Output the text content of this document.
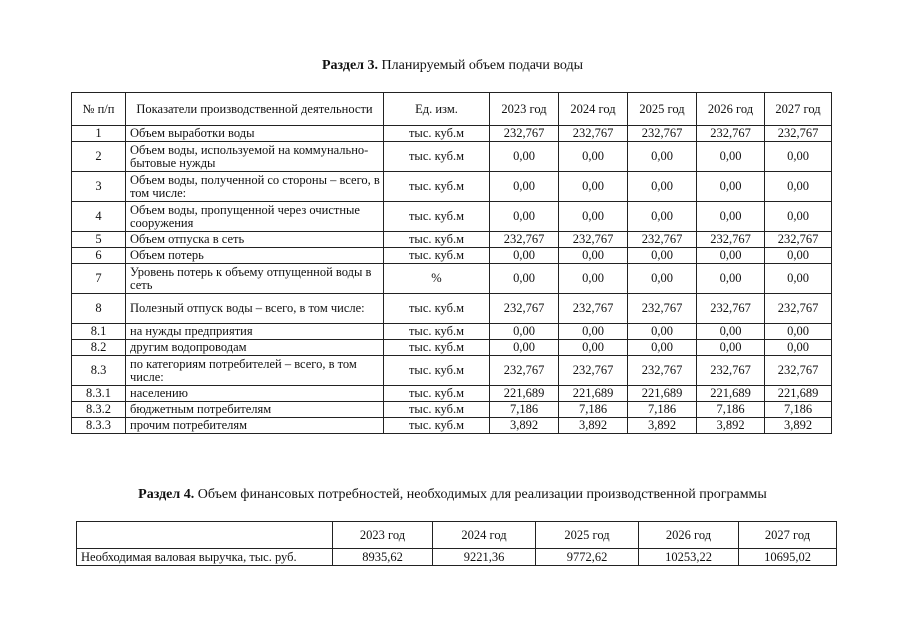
Раздел 3. Планируемый объем подачи воды
№ п/п	Показатели производственной деятельности	Ед. изм.	2023 год	2024 год	2025 год	2026 год	2027 год
1	Объем выработки воды	тыс. куб.м	232,767	232,767	232,767	232,767	232,767
2	Объем воды, используемой на коммунально-бытовые нужды	тыс. куб.м	0,00	0,00	0,00	0,00	0,00
3	Объем воды, полученной со стороны – всего, в том числе:	тыс. куб.м	0,00	0,00	0,00	0,00	0,00
4	Объем воды, пропущенной через очистные сооружения	тыс. куб.м	0,00	0,00	0,00	0,00	0,00
5	Объем отпуска в сеть	тыс. куб.м	232,767	232,767	232,767	232,767	232,767
6	Объем потерь	тыс. куб.м	0,00	0,00	0,00	0,00	0,00
7	Уровень потерь к объему отпущенной воды в сеть	%	0,00	0,00	0,00	0,00	0,00
8	Полезный отпуск воды – всего, в том числе:	тыс. куб.м	232,767	232,767	232,767	232,767	232,767
8.1	на нужды предприятия	тыс. куб.м	0,00	0,00	0,00	0,00	0,00
8.2	другим водопроводам	тыс. куб.м	0,00	0,00	0,00	0,00	0,00
8.3	по категориям потребителей – всего, в том числе:	тыс. куб.м	232,767	232,767	232,767	232,767	232,767
8.3.1	населению	тыс. куб.м	221,689	221,689	221,689	221,689	221,689
8.3.2	бюджетным потребителям	тыс. куб.м	7,186	7,186	7,186	7,186	7,186
8.3.3	прочим потребителям	тыс. куб.м	3,892	3,892	3,892	3,892	3,892
Раздел 4. Объем финансовых потребностей, необходимых для реализации производственной программы
	2023 год	2024 год	2025 год	2026 год	2027 год
Необходимая валовая выручка, тыс. руб.	8935,62	9221,36	9772,62	10253,22	10695,02
